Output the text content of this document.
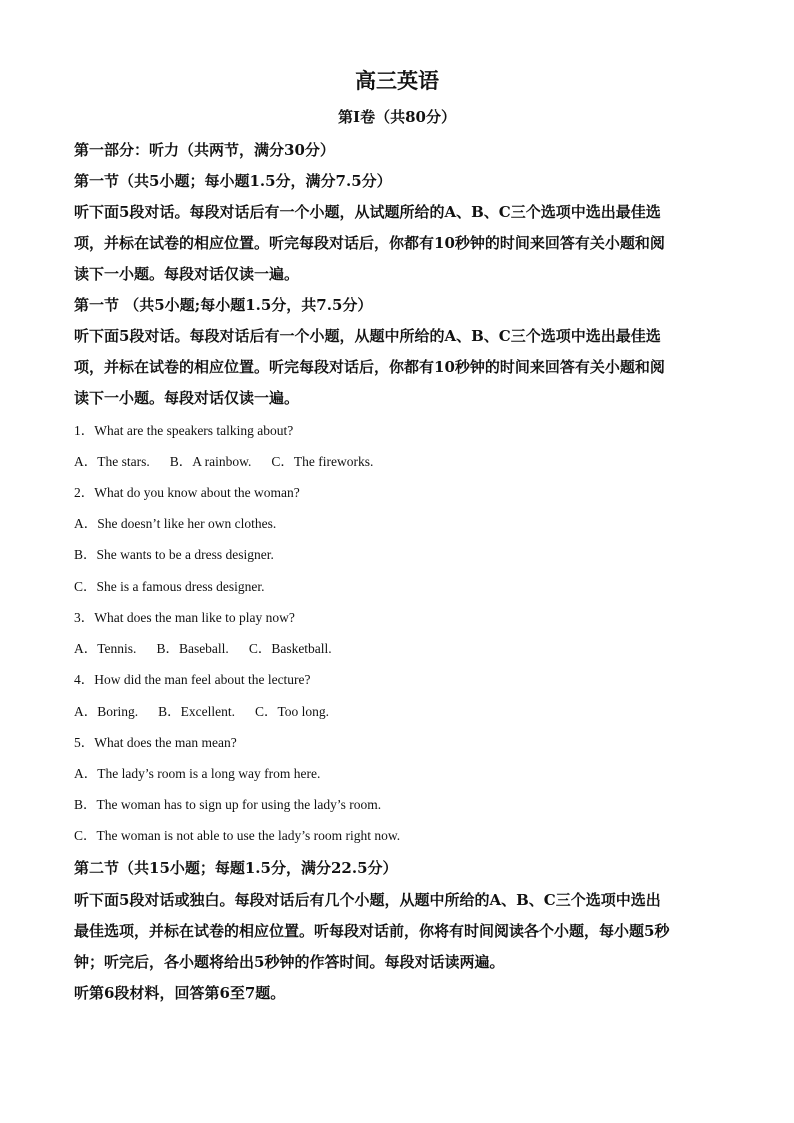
高三英语
第Ⅰ卷（共80分）
第一部分：听力（共两节，满分30分）
第一节（共5小题；每小题1.5分，满分7.5分）
听下面5段对话。每段对话后有一个小题，从试题所给的A、B、C三个选项中选出最佳选
项，并标在试卷的相应位置。听完每段对话后，你都有10秒钟的时间来回答有关小题和阅
读下一小题。每段对话仅读一遍。
第一节 （共5小题;每小题1.5分，共7.5分）
听下面5段对话。每段对话后有一个小题，从题中所给的A、B、C三个选项中选出最佳选
项，并标在试卷的相应位置。听完每段对话后，你都有10秒钟的时间来回答有关小题和阅
读下一小题。每段对话仅读一遍。
1．What are the speakers talking about?
A．The stars. B．A rainbow. C．The fireworks.
2．What do you know about the woman?
A．She doesn’t like her own clothes.
B．She wants to be a dress designer.
C．She is a famous dress designer.
3．What does the man like to play now?
A．Tennis. B．Baseball. C．Basketball.
4．How did the man feel about the lecture?
A．Boring. B．Excellent. C．Too long.
5．What does the man mean?
A．The lady’s room is a long way from here.
B．The woman has to sign up for using the lady’s room.
C．The woman is not able to use the lady’s room right now.
第二节（共15小题；每题1.5分，满分22.5分）
听下面5段对话或独白。每段对话后有几个小题，从题中所给的A、B、C三个选项中选出
最佳选项，并标在试卷的相应位置。听每段对话前，你将有时间阅读各个小题，每小题5秒
钟；听完后，各小题将给出5秒钟的作答时间。每段对话读两遍。
听第6段材料，回答第6至7题。
